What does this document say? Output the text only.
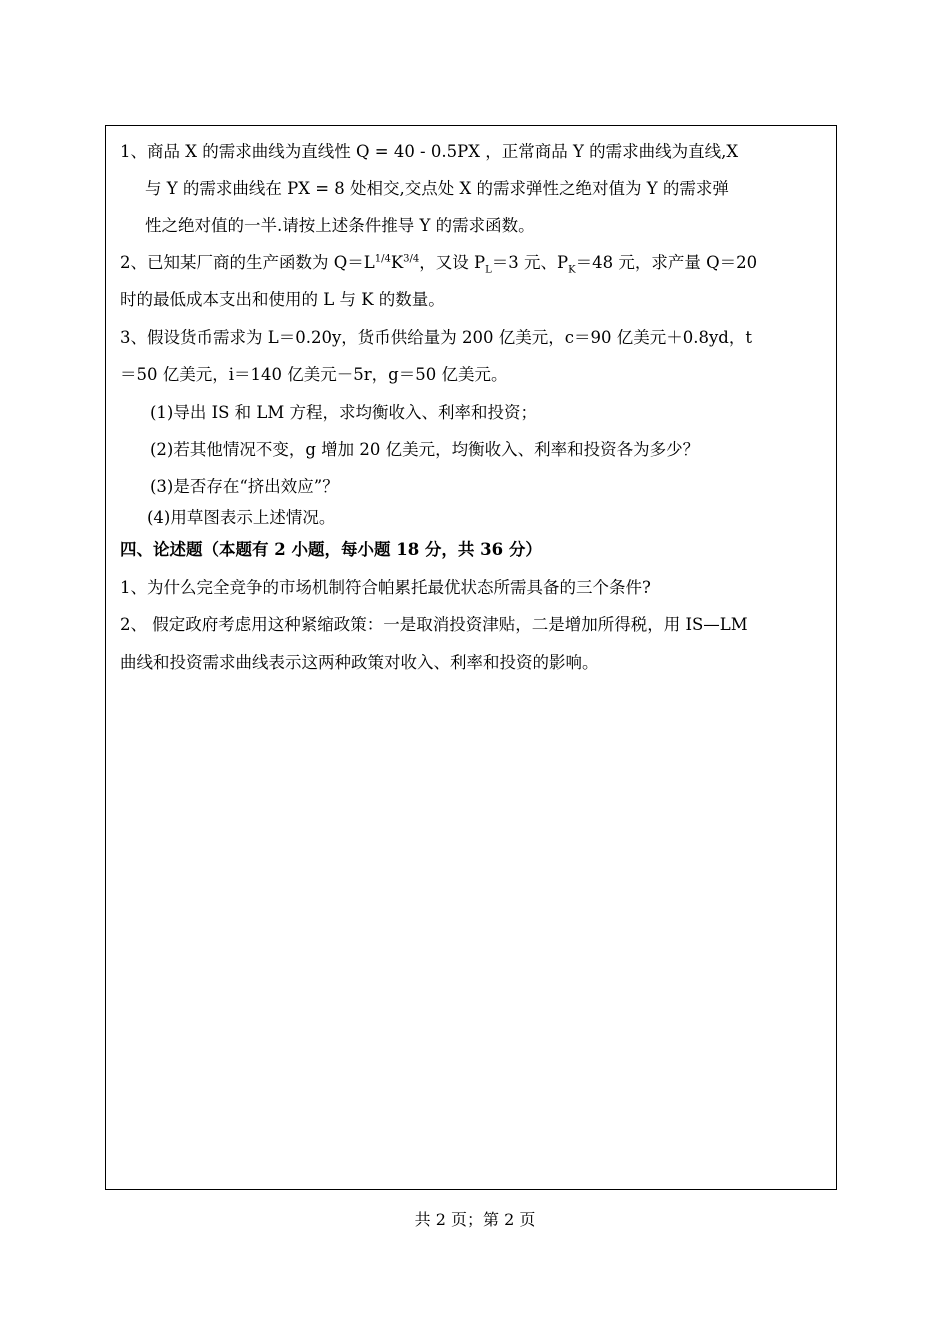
1、商品 X 的需求曲线为直线性 Q = 40 - 0.5PX ，正常商品 Y 的需求曲线为直线,X
与 Y 的需求曲线在 PX = 8 处相交,交点处 X 的需求弹性之绝对值为 Y 的需求弹
性之绝对值的一半.请按上述条件推导 Y 的需求函数。
2、已知某厂商的生产函数为 $Q=L^{1/4}K^{3/4}$，又设 $P_L=3$ 元、$P_K=48$ 元，求产量 Q＝20
时的最低成本支出和使用的 L 与 K 的数量。
3、假设货币需求为 L＝0.20y，货币供给量为 200 亿美元，c＝90 亿美元＋0.8yd，t
＝50 亿美元，i＝140 亿美元－5r，g＝50 亿美元。
(1)导出 IS 和 LM 方程，求均衡收入、利率和投资；
(2)若其他情况不变，g 增加 20 亿美元，均衡收入、利率和投资各为多少？
(3)是否存在“挤出效应”？
(4)用草图表示上述情况。
四、论述题（本题有 2 小题，每小题 18 分，共 36 分）
1、为什么完全竞争的市场机制符合帕累托最优状态所需具备的三个条件?
2、 假定政府考虑用这种紧缩政策：一是取消投资津贴，二是增加所得税，用 IS—LM
曲线和投资需求曲线表示这两种政策对收入、利率和投资的影响。
共 2 页；第 2 页
